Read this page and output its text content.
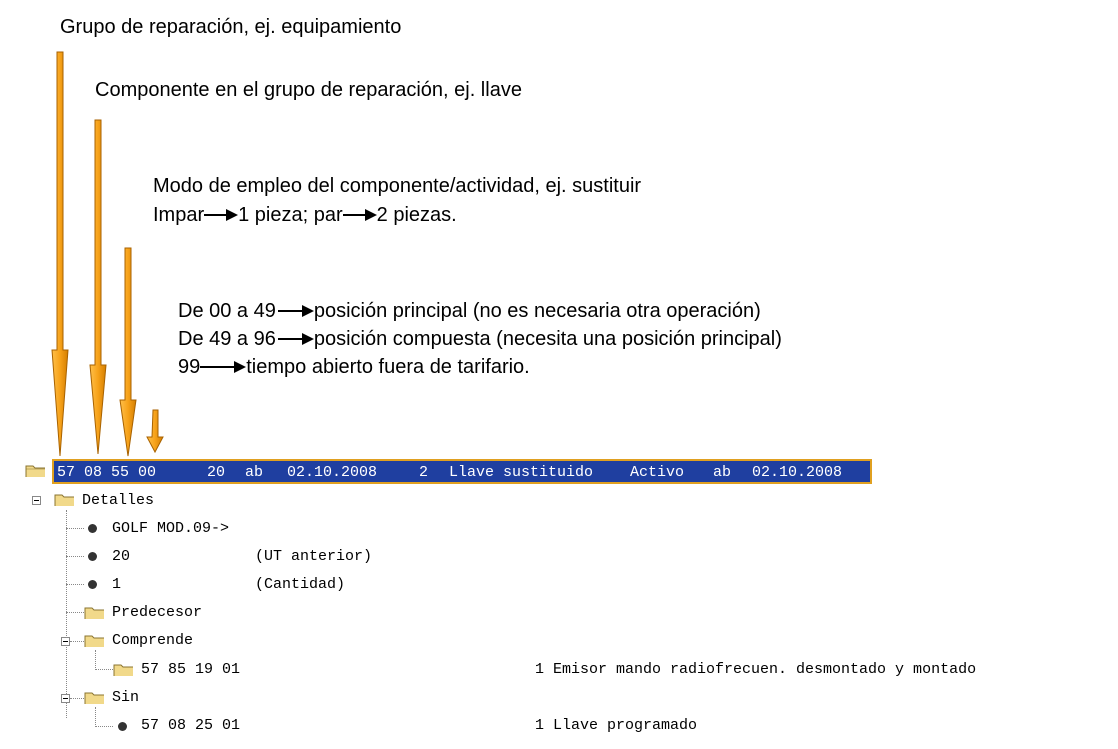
Grupo de reparación, ej. equipamiento
Componente en el grupo de reparación, ej. llave
Modo de empleo del componente/actividad, ej. sustituir
Impar 1 pieza; par 2 piezas.
De 00 a 49 posición principal (no es necesaria otra operación)
De 49 a 96 posición compuesta (necesita una posición principal)
99 tiempo abierto fuera de tarifario.
57 08 55 00	20 ab 02.10.2008	2 Llave sustituido Activo ab 02.10.2008
Detalles
GOLF MOD.09->
20	(UT anterior)
1	(Cantidad)
Predecesor
Comprende
57 85 19 01	1 Emisor mando radiofrecuen. desmontado y montado
Sin
57 08 25 01	1 Llave programado
